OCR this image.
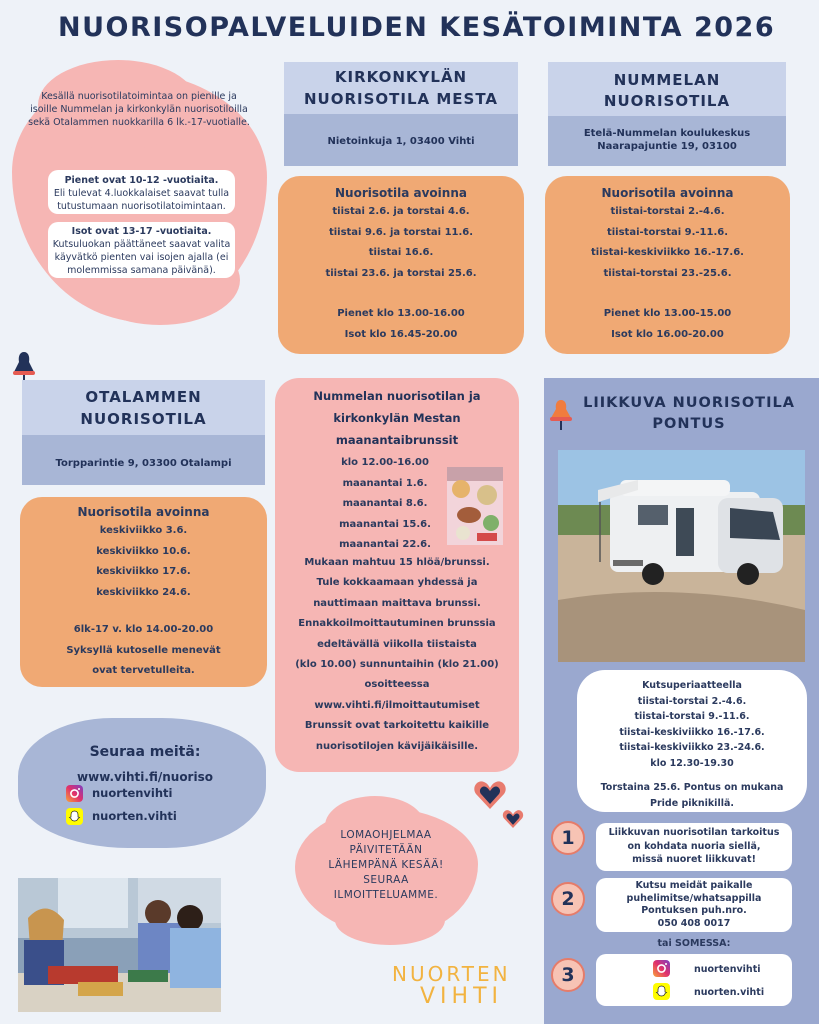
NUORISOPALVELUIDEN KESÄTOIMINTA 2026
Kesällä nuorisotilatoimintaa on pienille ja isoille Nummelan ja kirkonkylän nuorisotiloilla sekä Otalammen nuokkarilla 6 lk.-17-vuotialle.
Pienet ovat 10-12 -vuotiaita.
Eli tulevat 4.luokkalaiset saavat tulla tutustumaan nuorisotilatoimintaan.
Isot ovat 13-17 -vuotiaita.
Kutsuluokan päättäneet saavat valita käyvätkö pienten vai isojen ajalla (ei molemmissa samana päivänä).
KIRKONKYLÄN
NUORISOTILA MESTA
Nietoinkuja 1, 03400 Vihti
Nuorisotila avoinna
tiistai 2.6. ja torstai 4.6.
tiistai 9.6. ja torstai 11.6.
tiistai 16.6.
tiistai 23.6. ja torstai 25.6.
Pienet klo 13.00-16.00
Isot klo 16.45-20.00
NUMMELAN
NUORISOTILA
Etelä-Nummelan koulukeskus
Naarapajuntie 19, 03100
Nuorisotila avoinna
tiistai-torstai 2.-4.6.
tiistai-torstai 9.-11.6.
tiistai-keskiviikko 16.-17.6.
tiistai-torstai 23.-25.6.
Pienet klo 13.00-15.00
Isot klo 16.00-20.00
OTALAMMEN
NUORISOTILA
Torpparintie 9, 03300 Otalampi
Nuorisotila avoinna
keskiviikko 3.6.
keskiviikko 10.6.
keskiviikko 17.6.
keskiviikko 24.6.
6lk-17 v. klo 14.00-20.00
Syksyllä kutoselle menevät
ovat tervetulleita.
Seuraa meitä:
www.vihti.fi/nuoriso
nuortenvihti
nuorten.vihti
Nummelan nuorisotilan ja
kirkonkylän Mestan
maanantaibrunssit
klo 12.00-16.00
maanantai 1.6.
maanantai 8.6.
maanantai 15.6.
maanantai 22.6.
Mukaan mahtuu 15 hlöä/brunssi.
Tule kokkaamaan yhdessä ja
nauttimaan maittava brunssi.
Ennakkoilmoittautuminen brunssia
edeltävällä viikolla tiistaista
(klo 10.00) sunnuntaihin (klo 21.00)
osoitteessa
www.vihti.fi/ilmoittautumiset
Brunssit ovat tarkoitettu kaikille
nuorisotilojen kävijäikäisille.
LOMAOHJELMAA
PÄIVITETÄÄN
LÄHEMPÄNÄ KESÄÄ!
SEURAA
ILMOITTELUAMME.
NUORTEN
VIHTI
LIIKKUVA NUORISOTILA
PONTUS
Kutsuperiaatteella
tiistai-torstai 2.-4.6.
tiistai-torstai 9.-11.6.
tiistai-keskiviikko 16.-17.6.
tiistai-keskiviikko 23.-24.6.
klo 12.30-19.30
Torstaina 25.6. Pontus on mukana
Pride piknikillä.
Liikkuvan nuorisotilan tarkoitus
on kohdata nuoria siellä,
missä nuoret liikkuvat!
1
Kutsu meidät paikalle
puhelimitse/whatsappilla
Pontuksen puh.nro.
050 408 0017
2
tai SOMESSA:
3	nuortenvihti
nuorten.vihti
